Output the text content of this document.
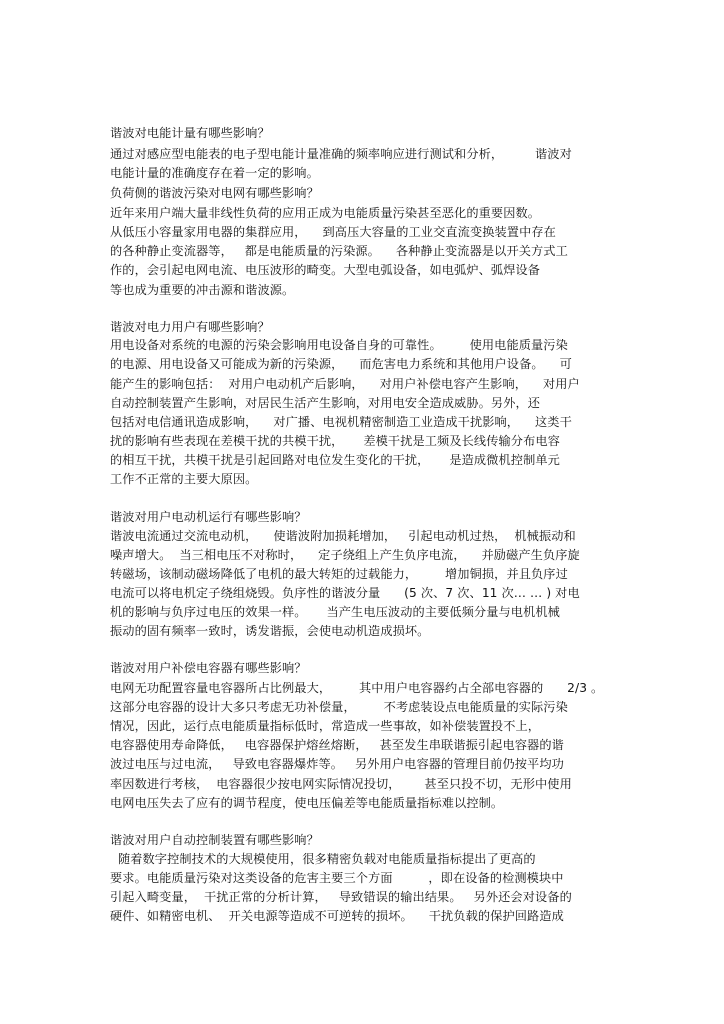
谐波对电能计量有哪些影响？
通过对感应型电能表的电子型电能计量准确的频率响应进行测试和分析，        谐波对
电能计量的准确度存在着一定的影响。
负荷侧的谐波污染对电网有哪些影响？
近年来用户端大量非线性负荷的应用正成为电能质量污染甚至恶化的重要因数。
从低压小容量家用电器的集群应用，    到高压大容量的工业交直流变换装置中存在
的各种静止变流器等，   都是电能质量的污染源。    各种静止变流器是以开关方式工
作的，会引起电网电流、电压波形的畸变。大型电弧设备，如电弧炉、弧焊设备
等也成为重要的冲击源和谐波源。
谐波对电力用户有哪些影响？
用电设备对系统的电源的污染会影响用电设备自身的可靠性。       使用电能质量污染
的电源、用电设备又可能成为新的污染源，    而危害电力系统和其他用户设备。    可
能产生的影响包括：  对用户电动机产后影响，    对用户补偿电容产生影响，    对用户
自动控制装置产生影响，对居民生活产生影响，对用电安全造成威胁。另外，还
包括对电信通讯造成影响，    对广播、电视机精密制造工业造成干扰影响，    这类干
扰的影响有些表现在差模干扰的共模干扰，     差模干扰是工频及长线传输分布电容
的相互干扰，共模干扰是引起回路对电位发生变化的干扰，     是造成微机控制单元
工作不正常的主要大原因。
谐波对用户电动机运行有哪些影响？
谐波电流通过交流电动机，    使谐波附加损耗增加，   引起电动机过热，  机械振动和
噪声增大。  当三相电压不对称时，    定子绕组上产生负序电流，    并励磁产生负序旋
转磁场，该制动磁场降低了电机的最大转矩的过载能力，       增加铜损，并且负序过
电流可以将电机定子绕组烧毁。负序性的谐波分量      (5 次、7 次、11 次… … ) 对电
机的影响与负序过电压的效果一样。     当产生电压波动的主要低频分量与电机机械
振动的固有频率一致时，诱发谐振，会使电动机造成损坏。
谐波对用户补偿电容器有哪些影响？
电网无功配置容量电容器所占比例最大，       其中用户电容器约占全部电容器的      2/3 。
这部分电容器的设计大多只考虑无功补偿量，       不考虑装设点电能质量的实际污染
情况，因此，运行点电能质量指标低时，常造成一些事故，如补偿装置投不上，
电容器使用寿命降低，   电容器保护熔丝熔断，   甚至发生串联谐振引起电容器的谐
波过电压与过电流，   导致电容器爆炸等。   另外用户电容器的管理目前仍按平均功
率因数进行考核，  电容器很少按电网实际情况投切，      甚至只投不切，无形中使用
电网电压失去了应有的调节程度，使电压偏差等电能质量指标难以控制。
谐波对用户自动控制装置有哪些影响？
随着数字控制技术的大规模使用，很多精密负载对电能质量指标提出了更高的
要求。电能质量污染对这类设备的危害主要三个方面         ，即在设备的检测模块中
引起入畸变量，  干扰正常的分析计算，   导致错误的输出结果。   另外还会对设备的
硬件、如精密电机、  开关电源等造成不可逆转的损坏。    干扰负载的保护回路造成
